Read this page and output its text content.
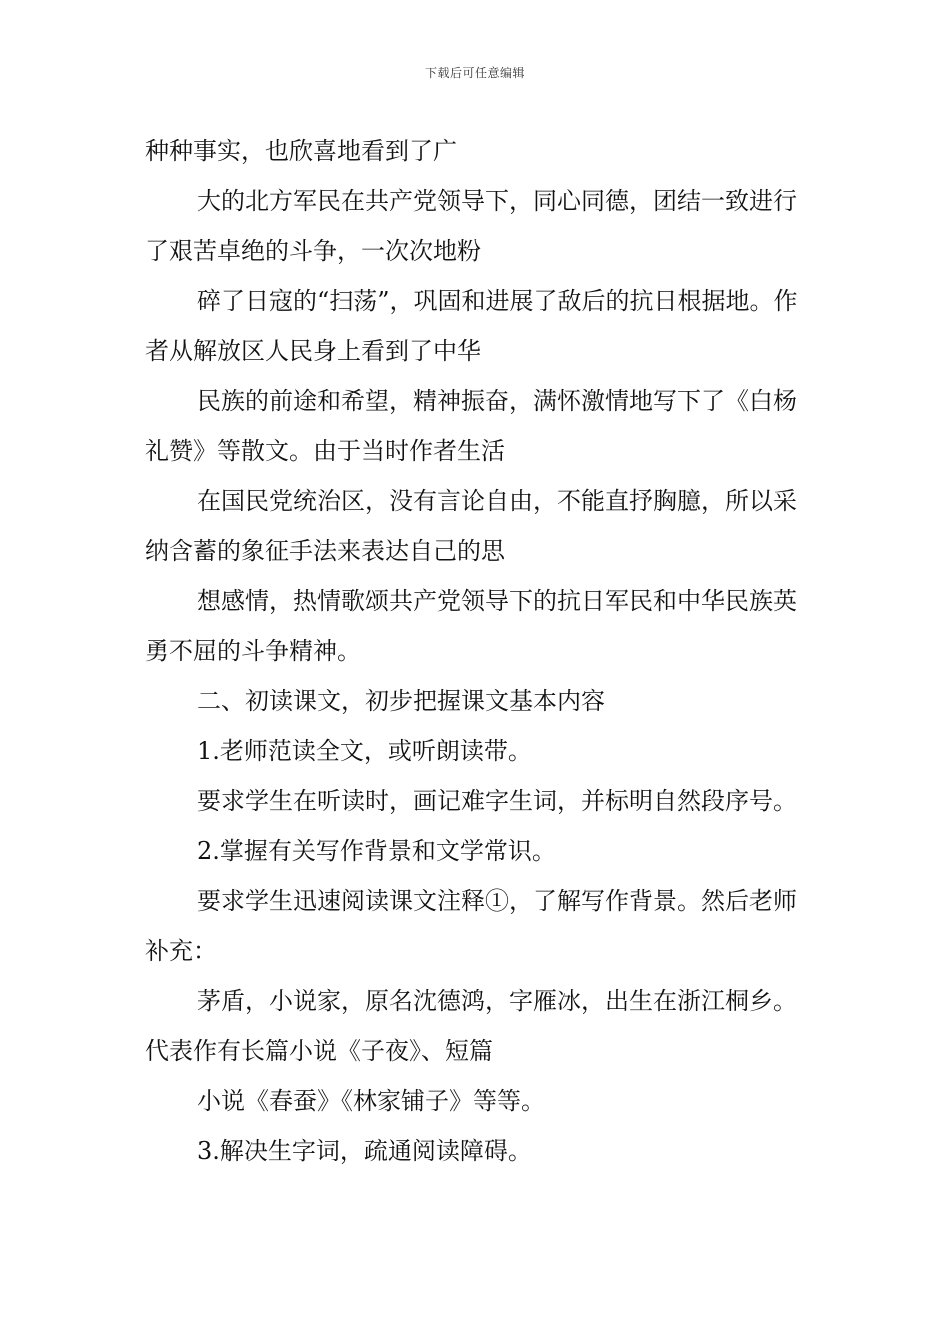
下载后可任意编辑

种种事实，也欣喜地看到了广

大的北方军民在共产党领导下，同心同德，团结一致进行了艰苦卓绝的斗争，一次次地粉

碎了日寇的“扫荡”，巩固和进展了敌后的抗日根据地。作者从解放区人民身上看到了中华

民族的前途和希望，精神振奋，满怀激情地写下了《白杨礼赞》等散文。由于当时作者生活

在国民党统治区，没有言论自由，不能直抒胸臆，所以采纳含蓄的象征手法来表达自己的思

想感情，热情歌颂共产党领导下的抗日军民和中华民族英勇不屈的斗争精神。

二、初读课文，初步把握课文基本内容

1.老师范读全文，或听朗读带。

要求学生在听读时，画记难字生词，并标明自然段序号。

2.掌握有关写作背景和文学常识。

要求学生迅速阅读课文注释①，了解写作背景。然后老师补充：

茅盾，小说家，原名沈德鸿，字雁冰，出生在浙江桐乡。代表作有长篇小说《子夜》、短篇

小说《春蚕》《林家铺子》等等。

3.解决生字词，疏通阅读障碍。
